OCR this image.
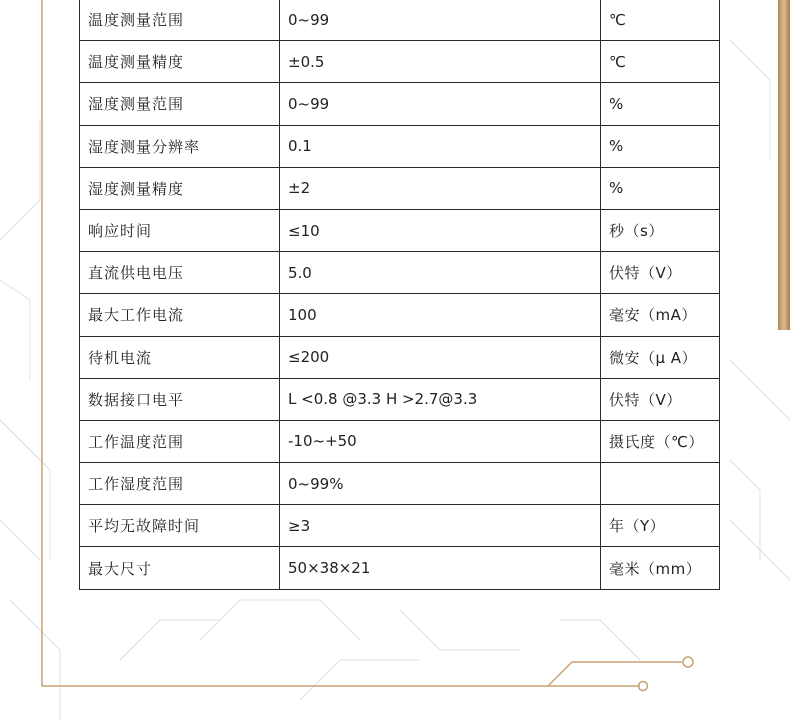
温度测量范围	0~99	℃
温度测量精度	±0.5	℃
湿度测量范围	0~99	%
湿度测量分辨率	0.1	%
湿度测量精度	±2	%
响应时间	≤10	秒（s）
直流供电电压	5.0	伏特（V）
最大工作电流	100	毫安（mA）
待机电流	≤200	微安（μ A）
数据接口电平	L <0.8 @3.3 H >2.7@3.3	伏特（V）
工作温度范围	-10~+50	摄氏度（℃）
工作湿度范围	0~99%	
平均无故障时间	≥3	年（Y）
最大尺寸	50×38×21	毫米（mm）
